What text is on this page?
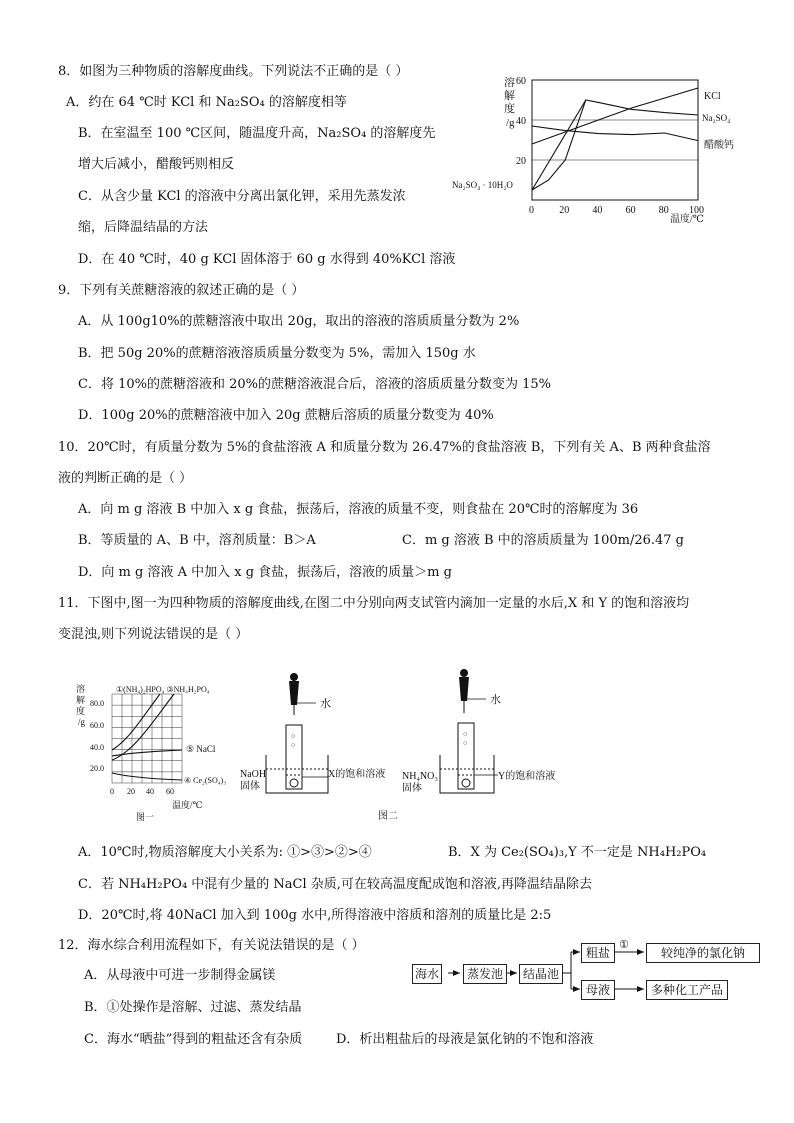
8．如图为三种物质的溶解度曲线。下列说法不正确的是（ ）
A．约在 64 ℃时 KCl 和 Na₂SO₄ 的溶解度相等
B．在室温至 100 ℃区间，随温度升高，Na₂SO₄ 的溶解度先
增大后减小，醋酸钙则相反
C．从含少量 KCl 的溶液中分离出氯化钾，采用先蒸发浓
缩，后降温结晶的方法
D．在 40 ℃时，40 g KCl 固体溶于 60 g 水得到 40%KCl 溶液
20
40
60
0	20 40 60 80 100
溶
解
度
/g
KCl
Na₂SO₄
醋酸钙
Na₂SO₄ · 10H₂O
温度/℃
9．下列有关蔗糖溶液的叙述正确的是（ ）
A．从 100g10%的蔗糖溶液中取出 20g，取出的溶液的溶质质量分数为 2%
B．把 50g 20%的蔗糖溶液溶质质量分数变为 5%，需加入 150g 水
C．将 10%的蔗糖溶液和 20%的蔗糖溶液混合后，溶液的溶质质量分数变为 15%
D．100g 20%的蔗糖溶液中加入 20g 蔗糖后溶质的质量分数变为 40%
10．20℃时，有质量分数为 5%的食盐溶液 A 和质量分数为 26.47%的食盐溶液 B，下列有关 A、B 两种食盐溶
液的判断正确的是（ ）
A．向 m g 溶液 B 中加入 x g 食盐，振荡后，溶液的质量不变，则食盐在 20℃时的溶解度为 36
B．等质量的 A、B 中，溶剂质量：B＞A	C．m g 溶液 B 中的溶质质量为 100m/26.47 g
D．向 m g 溶液 A 中加入 x g 食盐，振荡后，溶液的质量＞m g
11．下图中,图一为四种物质的溶解度曲线,在图二中分别向两支试管内滴加一定量的水后,X 和 Y 的饱和溶液均
变混浊,则下列说法错误的是（ ）
溶
解
度
/g
①(NH₄)₂HPO₄ ③NH₄H₂PO₄
80.0
60.0
40.0
20.0
0 20 40 60
⑤ NaCl
④ Ce₂(SO₄)₃
温度/℃
图一
水
○
○
NaOH
固体
X的饱和溶液
水
○
○
NH₄NO₃
固体
Y的饱和溶液
图二
A．10℃时,物质溶解度大小关系为: ①>③>②>④	B．X 为 Ce₂(SO₄)₃,Y 不一定是 NH₄H₂PO₄
C．若 NH₄H₂PO₄ 中混有少量的 NaCl 杂质,可在较高温度配成饱和溶液,再降温结晶除去
D．20℃时,将 40NaCl 加入到 100g 水中,所得溶液中溶质和溶剂的质量比是 2:5
12．海水综合利用流程如下，有关说法错误的是（ ）
A．从母液中可进一步制得金属镁
B．①处操作是溶解、过滤、蒸发结晶
C．海水“晒盐”得到的粗盐还含有杂质	D．析出粗盐后的母液是氯化钠的不饱和溶液
①
海水	蒸发池	结晶池
粗盐	较纯净的氯化钠
母液	多种化工产品
